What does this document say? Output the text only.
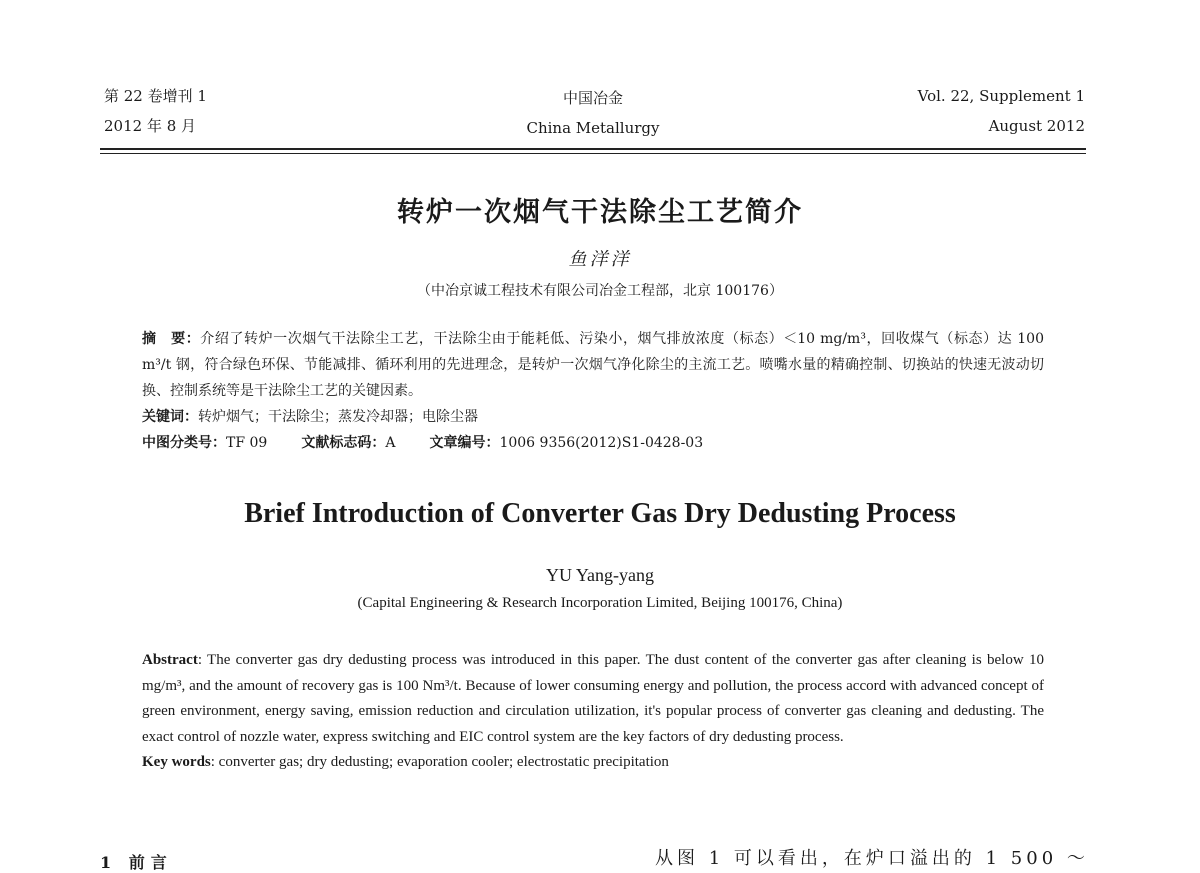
第 22 卷增刊 1
2012 年 8 月
中国冶金
China Metallurgy
Vol. 22, Supplement 1
August 2012
转炉一次烟气干法除尘工艺简介
鱼洋洋
（中冶京诚工程技术有限公司冶金工程部，北京 100176）

摘　要：介绍了转炉一次烟气干法除尘工艺，干法除尘由于能耗低、污染小，烟气排放浓度（标态）＜10 mg/m³，回收煤气（标态）达 100 m³/t 钢，符合绿色环保、节能减排、循环利用的先进理念，是转炉一次烟气净化除尘的主流工艺。喷嘴水量的精确控制、切换站的快速无波动切换、控制系统等是干法除尘工艺的关键因素。

关键词：转炉烟气；干法除尘；蒸发冷却器；电除尘器

中图分类号：TF 09 文献标志码：A 文章编号：1006 9356(2012)S1-0428-03

Brief Introduction of Converter Gas Dry Dedusting Process
YU Yang-yang
(Capital Engineering & Research Incorporation Limited, Beijing 100176, China)

Abstract: The converter gas dry dedusting process was introduced in this paper. The dust content of the converter gas after cleaning is below 10 mg/m³, and the amount of recovery gas is 100 Nm³/t. Because of lower consuming energy and pollution, the process accord with advanced concept of green environment, energy saving, emission reduction and circulation utilization, it's popular process of converter gas cleaning and dedusting. The exact control of nozzle water, express switching and EIC control system are the key factors of dry dedusting process.

Key words: converter gas; dry dedusting; evaporation cooler; electrostatic precipitation

1 前言	从图 1 可以看出，在炉口溢出的 1 500 ～
